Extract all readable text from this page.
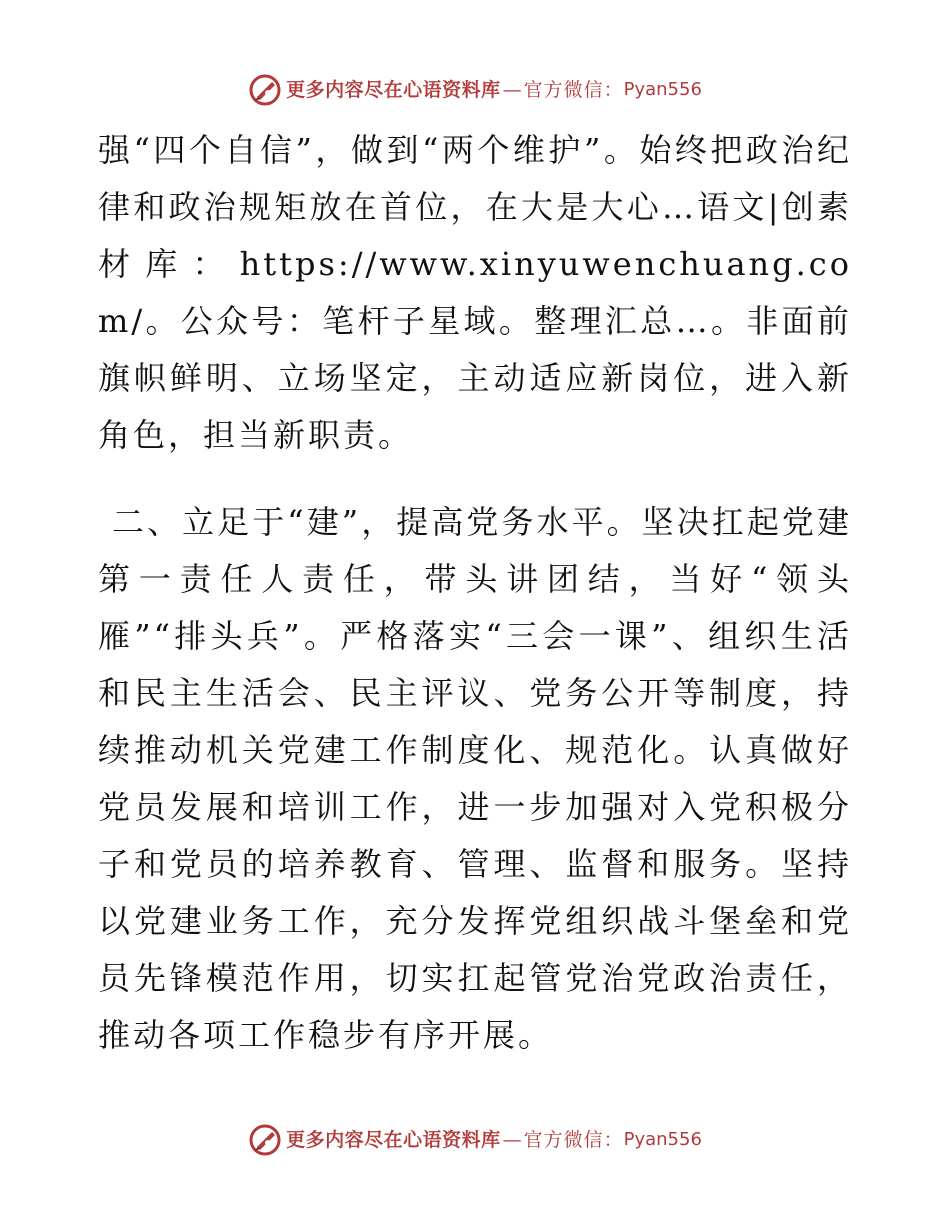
更多内容尽在心语资料库 — 官方微信： Pyan556

强“四个自信”，做到“两个维护”。始终把政治纪律和政治规矩放在首位，在大是大心…语文|创素材库：https://www.xinyuwenchuang.com/。公众号：笔杆子星域。整理汇总…。非面前旗帜鲜明、立场坚定，主动适应新岗位，进入新角色，担当新职责。

二、立足于“建”，提高党务水平。坚决扛起党建第一责任人责任，带头讲团结，当好“领头雁”“排头兵”。严格落实“三会一课”、组织生活和民主生活会、民主评议、党务公开等制度，持续推动机关党建工作制度化、规范化。认真做好党员发展和培训工作，进一步加强对入党积极分子和党员的培养教育、管理、监督和服务。坚持以党建业务工作，充分发挥党组织战斗堡垒和党员先锋模范作用，切实扛起管党治党政治责任，推动各项工作稳步有序开展。

更多内容尽在心语资料库 — 官方微信： Pyan556
